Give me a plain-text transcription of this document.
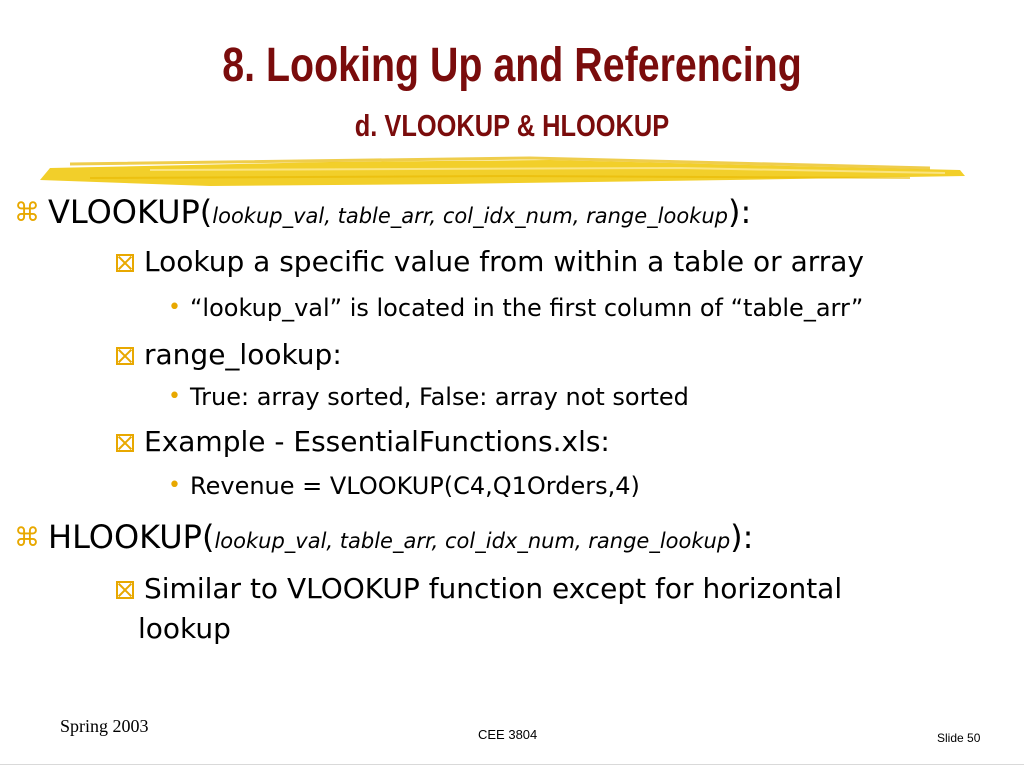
8. Looking Up and Referencing
d. VLOOKUP & HLOOKUP
⌘ VLOOKUP(lookup_val, table_arr, col_idx_num, range_lookup):
Lookup a specific value from within a table or array
• “lookup_val” is located in the first column of “table_arr”
range_lookup:
• True: array sorted, False: array not sorted
Example - EssentialFunctions.xls:
• Revenue = VLOOKUP(C4,Q1Orders,4)
⌘ HLOOKUP(lookup_val, table_arr, col_idx_num, range_lookup):
Similar to VLOOKUP function except for horizontal
lookup
Spring 2003	CEE 3804	Slide 50
